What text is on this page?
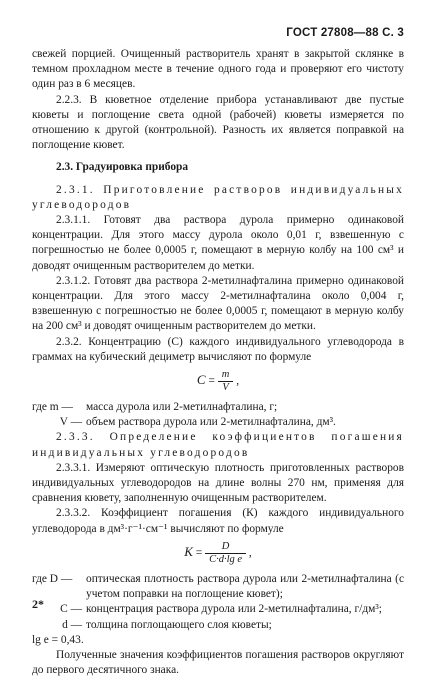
ГОСТ 27808—88 С. 3

свежей порцией. Очищенный растворитель хранят в закрытой склянке в темном прохладном месте в течение одного года и проверяют его чистоту один раз в 6 месяцев.

2.2.3. В кюветное отделение прибора устанавливают две пустые кюветы и поглощение света одной (рабочей) кюветы измеряется по отношению к другой (контрольной). Разность их является поправкой на поглощение кювет.

2.3. Градуировка прибора

2.3.1. Приготовление растворов индивидуальных углеводородов

2.3.1.1. Готовят два раствора дурола примерно одинаковой концентрации. Для этого массу дурола около 0,01 г, взвешенную с погрешностью не более 0,0005 г, помещают в мерную колбу на 100 см³ и доводят очищенным растворителем до метки.

2.3.1.2. Готовят два раствора 2-метилнафталина примерно одинаковой концентрации. Для этого массу 2-метилнафталина около 0,004 г, взвешенную с погрешностью не более 0,0005 г, помещают в мерную колбу на 200 см³ и доводят очищенным растворителем до метки.

2.3.2. Концентрацию (С) каждого индивидуального углеводорода в граммах на кубический дециметр вычисляют по формуле

$C = \frac{m}{V}$ ,
где m —	масса дурола или 2-метилнафталина, г;
V — объем раствора дурола или 2-метилнафталина, дм³.

2.3.3. Определение коэффициентов погашения индивидуальных углеводородов

2.3.3.1. Измеряют оптическую плотность приготовленных растворов индивидуальных углеводородов на длине волны 270 нм, применяя для сравнения кювету, заполненную очищенным растворителем.

2.3.3.2. Коэффициент погашения (К) каждого индивидуального углеводорода в дм³·г⁻¹·см⁻¹ вычисляют по формуле

$K = \frac{D}{\text{C·d·lg e}}$ ,
где D —	оптическая плотность раствора дурола или 2-метилнафталина (с учетом поправки на поглощение кювет);
C — концентрация раствора дурола или 2-метилнафталина, г/дм³;
d — толщина поглощающего слоя кюветы;

lg e = 0,43.

Полученные значения коэффициентов погашения растворов округляют до первого десятичного знака.

2*
